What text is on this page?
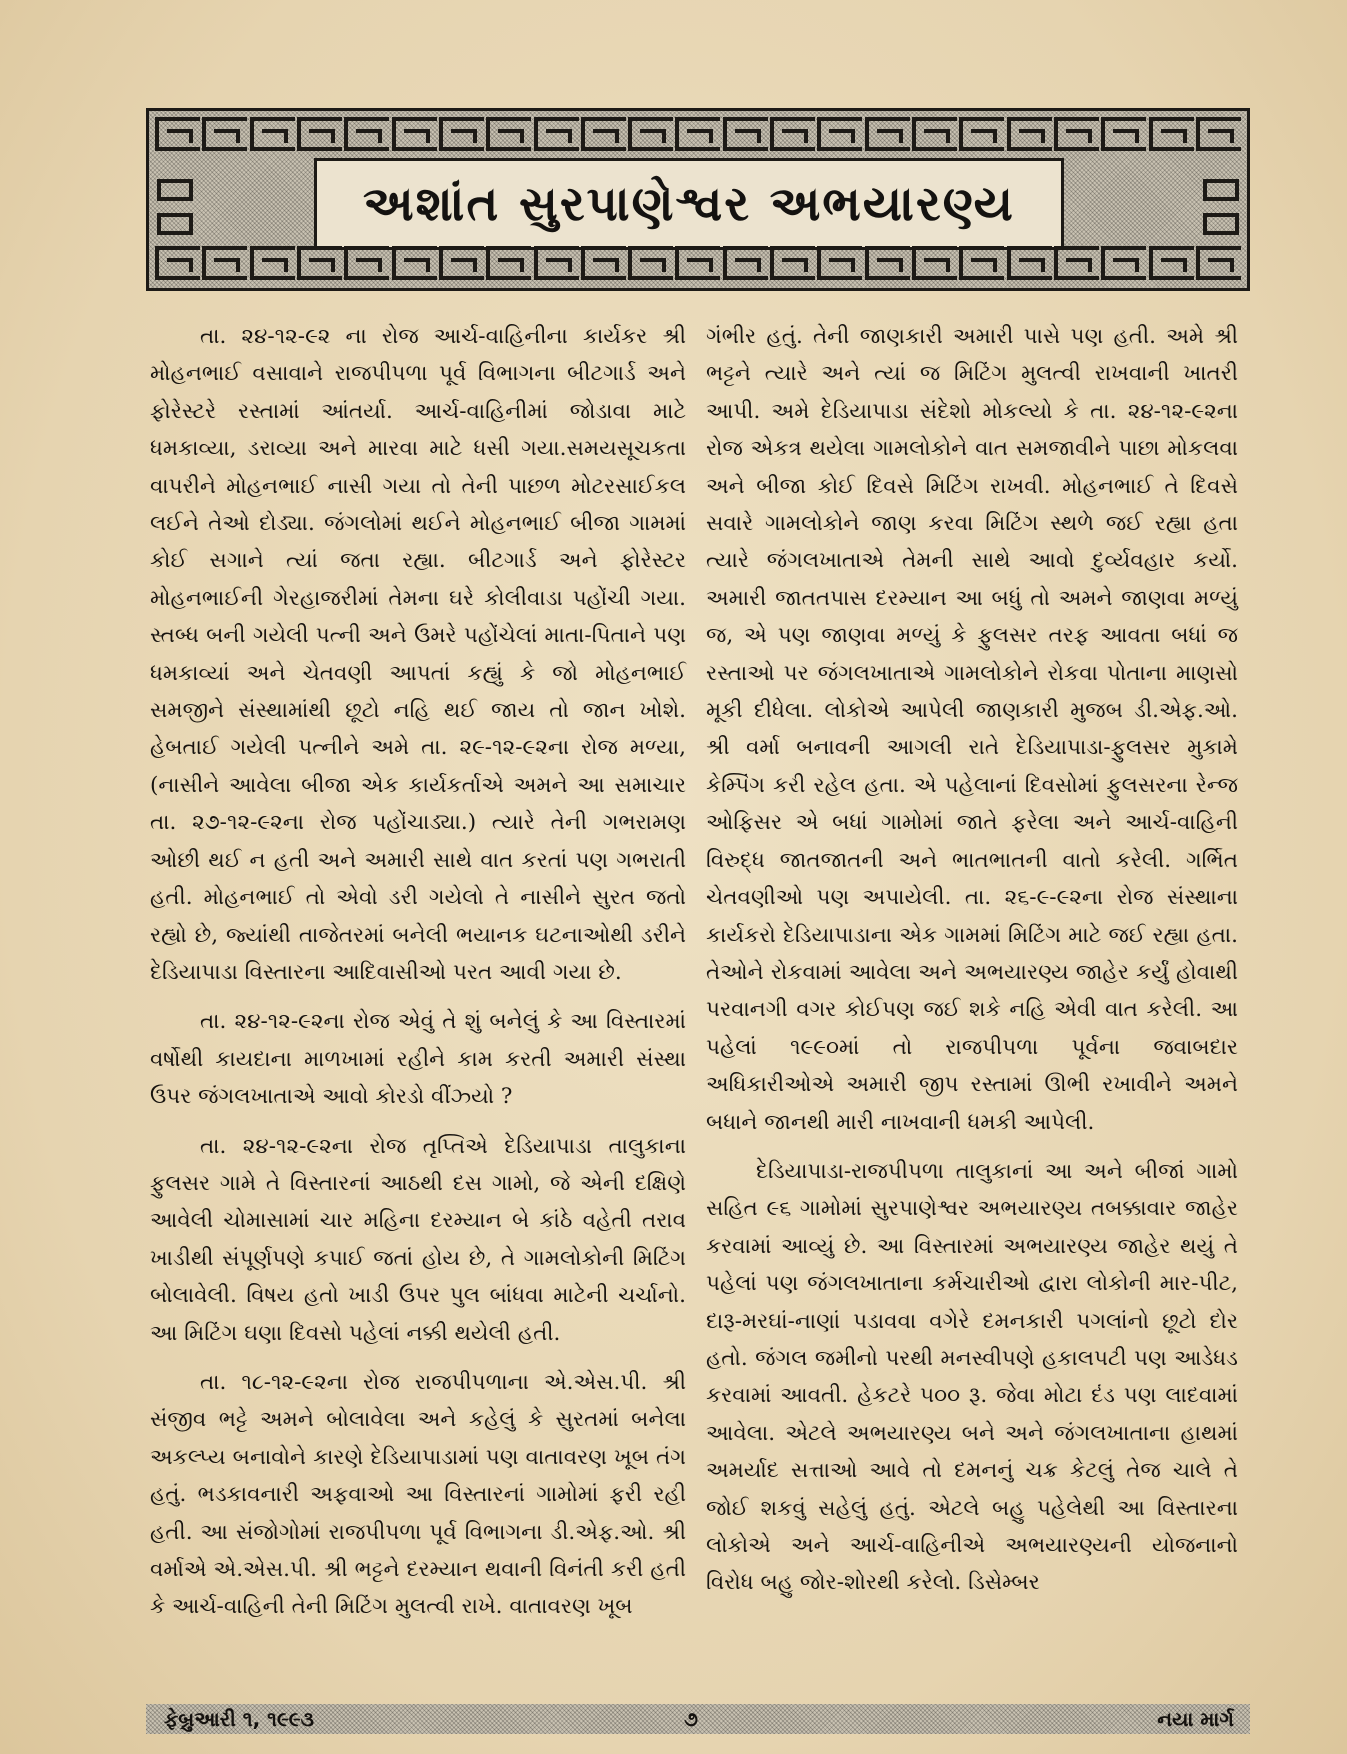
અશાંત સુરપાણેશ્વર અભયારણ્ય

તા. ૨૪-૧૨-૯૨ ના રોજ આર્ચ-વાહિનીના કાર્યકર શ્રી મોહનભાઈ વસાવાને રાજપીપળા પૂર્વ વિભાગના બીટગાર્ડ અને ફોરેસ્ટરે રસ્તામાં આંતર્યા. આર્ચ-વાહિનીમાં જોડાવા માટે ધમકાવ્યા, ડરાવ્યા અને મારવા માટે ધસી ગયા.સમયસૂચકતા વાપરીને મોહનભાઈ નાસી ગયા તો તેની પાછળ મોટરસાઈકલ લઈને તેઓ દોડ્યા. જંગલોમાં થઈને મોહનભાઈ બીજા ગામમાં કોઈ સગાને ત્યાં જતા રહ્યા. બીટગાર્ડ અને ફોરેસ્ટર મોહનભાઈની ગેરહાજરીમાં તેમના ઘરે કોલીવાડા પહોંચી ગયા. સ્તબ્ધ બની ગયેલી પત્ની અને ઉમરે પહોંચેલાં માતા-પિતાને પણ ધમકાવ્યાં અને ચેતવણી આપતાં કહ્યું કે જો મોહનભાઈ સમજીને સંસ્થામાંથી છૂટો નહિ થઈ જાય તો જાન ખોશે. હેબતાઈ ગયેલી પત્નીને અમે તા. ૨૯-૧૨-૯૨ના રોજ મળ્યા, (નાસીને આવેલા બીજા એક કાર્યકર્તાએ અમને આ સમાચાર તા. ૨૭-૧૨-૯૨ના રોજ પહોંચાડ્યા.) ત્યારે તેની ગભરામણ ઓછી થઈ ન હતી અને અમારી સાથે વાત કરતાં પણ ગભરાતી હતી. મોહનભાઈ તો એવો ડરી ગયેલો તે નાસીને સુરત જતો રહ્યો છે, જ્યાંથી તાજેતરમાં બનેલી ભયાનક ઘટનાઓથી ડરીને દેડિયાપાડા વિસ્તારના આદિવાસીઓ પરત આવી ગયા છે.

તા. ૨૪-૧૨-૯૨ના રોજ એવું તે શું બનેલું કે આ વિસ્તારમાં વર્ષોથી કાયદાના માળખામાં રહીને કામ કરતી અમારી સંસ્થા ઉપર જંગલખાતાએ આવો કોરડો વીંઝ્યો ?

તા. ૨૪-૧૨-૯૨ના રોજ તૃપ્તિએ દેડિયાપાડા તાલુકાના ફુલસર ગામે તે વિસ્તારનાં આઠથી દસ ગામો, જે એની દક્ષિણે આવેલી ચોમાસામાં ચાર મહિના દરમ્યાન બે કાંઠે વહેતી તરાવ ખાડીથી સંપૂર્ણપણે કપાઈ જતાં હોય છે, તે ગામલોકોની મિટિંગ બોલાવેલી. વિષય હતો ખાડી ઉપર પુલ બાંધવા માટેની ચર્ચાનો. આ મિટિંગ ઘણા દિવસો પહેલાં નક્કી થયેલી હતી.

તા. ૧૮-૧૨-૯૨ના રોજ રાજપીપળાના એ.એસ.પી. શ્રી સંજીવ ભટ્ટે અમને બોલાવેલા અને કહેલું કે સુરતમાં બનેલા અકલ્પ્ય બનાવોને કારણે દેડિયાપાડામાં પણ વાતાવરણ ખૂબ તંગ હતું. ભડકાવનારી અફવાઓ આ વિસ્તારનાં ગામોમાં ફરી રહી હતી. આ સંજોગોમાં રાજપીપળા પૂર્વ વિભાગના ડી.એફ.ઓ. શ્રી વર્માએ એ.એસ.પી. શ્રી ભટ્ટને દરમ્યાન થવાની વિનંતી કરી હતી કે આર્ચ-વાહિની તેની મિટિંગ મુલત્વી રાખે. વાતાવરણ ખૂબ

ગંભીર હતું. તેની જાણકારી અમારી પાસે પણ હતી. અમે શ્રી ભટ્ટને ત્યારે અને ત્યાં જ મિટિંગ મુલત્વી રાખવાની ખાતરી આપી. અમે દેડિયાપાડા સંદેશો મોકલ્યો કે તા. ૨૪-૧૨-૯૨ના રોજ એકત્ર થયેલા ગામલોકોને વાત સમજાવીને પાછા મોકલવા અને બીજા કોઈ દિવસે મિટિંગ રાખવી. મોહનભાઈ તે દિવસે સવારે ગામલોકોને જાણ કરવા મિટિંગ સ્થળે જઈ રહ્યા હતા ત્યારે જંગલખાતાએ તેમની સાથે આવો દુર્વ્યવહાર કર્યો. અમારી જાતતપાસ દરમ્યાન આ બધું તો અમને જાણવા મળ્યું જ, એ પણ જાણવા મળ્યું કે ફુલસર તરફ આવતા બધાં જ રસ્તાઓ પર જંગલખાતાએ ગામલોકોને રોકવા પોતાના માણસો મૂકી દીધેલા. લોકોએ આપેલી જાણકારી મુજબ ડી.એફ.ઓ. શ્રી વર્મા બનાવની આગલી રાતે દેડિયાપાડા-ફુલસર મુકામે કેમ્પિંગ કરી રહેલ હતા. એ પહેલાનાં દિવસોમાં ફુલસરના રેન્જ ઓફિસર એ બધાં ગામોમાં જાતે ફરેલા અને આર્ચ-વાહિની વિરુદ્ધ જાતજાતની અને ભાતભાતની વાતો કરેલી. ગર્ભિત ચેતવણીઓ પણ અપાયેલી. તા. ૨૬-૯-૯૨ના રોજ સંસ્થાના કાર્યકરો દેડિયાપાડાના એક ગામમાં મિટિંગ માટે જઈ રહ્યા હતા. તેઓને રોકવામાં આવેલા અને અભયારણ્ય જાહેર કર્યું હોવાથી પરવાનગી વગર કોઈપણ જઈ શકે નહિ એવી વાત કરેલી. આ પહેલાં ૧૯૯૦માં તો રાજપીપળા પૂર્વના જવાબદાર અધિકારીઓએ અમારી જીપ રસ્તામાં ઊભી રખાવીને અમને બધાને જાનથી મારી નાખવાની ધમકી આપેલી.

દેડિયાપાડા-રાજપીપળા તાલુકાનાં આ અને બીજાં ગામો સહિત ૯૬ ગામોમાં સુરપાણેશ્વર અભયારણ્ય તબક્કાવાર જાહેર કરવામાં આવ્યું છે. આ વિસ્તારમાં અભયારણ્ય જાહેર થયું તે પહેલાં પણ જંગલખાતાના કર્મચારીઓ દ્વારા લોકોની માર-પીટ, દારૂ-મરઘાં-નાણાં પડાવવા વગેરે દમનકારી પગલાંનો છૂટો દોર હતો. જંગલ જમીનો પરથી મનસ્વીપણે હકાલપટી પણ આડેધડ કરવામાં આવતી. હેકટરે ૫૦૦ રૂ. જેવા મોટા દંડ પણ લાદવામાં આવેલા. એટલે અભયારણ્ય બને અને જંગલખાતાના હાથમાં અમર્યાદ સત્તાઓ આવે તો દમનનું ચક્ર કેટલું તેજ ચાલે તે જોઈ શકવું સહેલું હતું. એટલે બહુ પહેલેથી આ વિસ્તારના લોકોએ અને આર્ચ-વાહિનીએ અભયારણ્યની યોજનાનો વિરોધ બહુ જોર-શોરથી કરેલો. ડિસેમ્બર

ફેબ્રુઆરી ૧, ૧૯૯૩	૭	નયા માર્ગ
